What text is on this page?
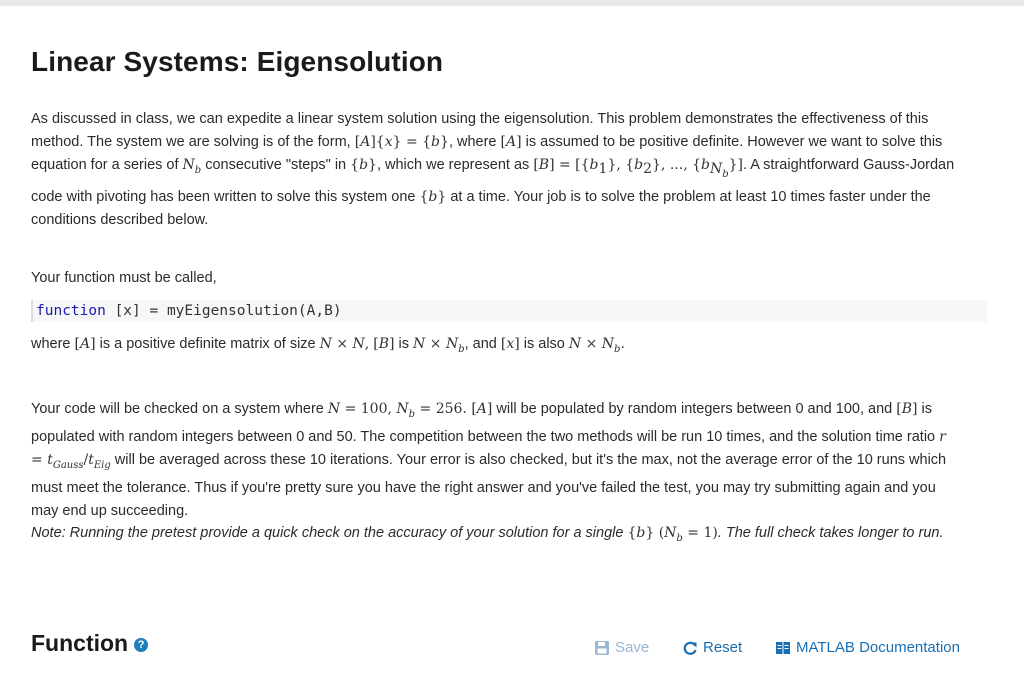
Linear Systems: Eigensolution

As discussed in class, we can expedite a linear system solution using the eigensolution. This problem demonstrates the effectiveness of this method. The system we are solving is of the form, [A]{x} = {b}, where [A] is assumed to be positive definite. However we want to solve this equation for a series of $N_b$ consecutive "steps" in {b}, which we represent as $[B] = [\{b_1\}$, $\{b_2\}$, ..., $\{b_{N_b}\}$]. A straightforward Gauss-Jordan code with pivoting has been written to solve this system one {b} at a time. Your job is to solve the problem at least 10 times faster under the conditions described below.

Your function must be called,

function [x] = myEigensolution(A,B)

where [A] is a positive definite matrix of size N × N, [B] is $N \times N_b$, and [x] is also $N \times N_b$.

Your code will be checked on a system where N = 100, $N_b = 256$. [A] will be populated by random integers between 0 and 100, and [B] is populated with random integers between 0 and 50. The competition between the two methods will be run 10 times, and the solution time ratio $r = t_{Gauss}/t_{Eig}$ will be averaged across these 10 iterations. Your error is also checked, but it's the max, not the average error of the 10 runs which must meet the tolerance. Thus if you're pretty sure you have the right answer and you've failed the test, you may try submitting again and you may end up succeeding.

Note: Running the pretest provide a quick check on the accuracy of your solution for a single {b} $(N_b = 1)$. The full check takes longer to run.

Function ?	Save	Reset	MATLAB Documentation
